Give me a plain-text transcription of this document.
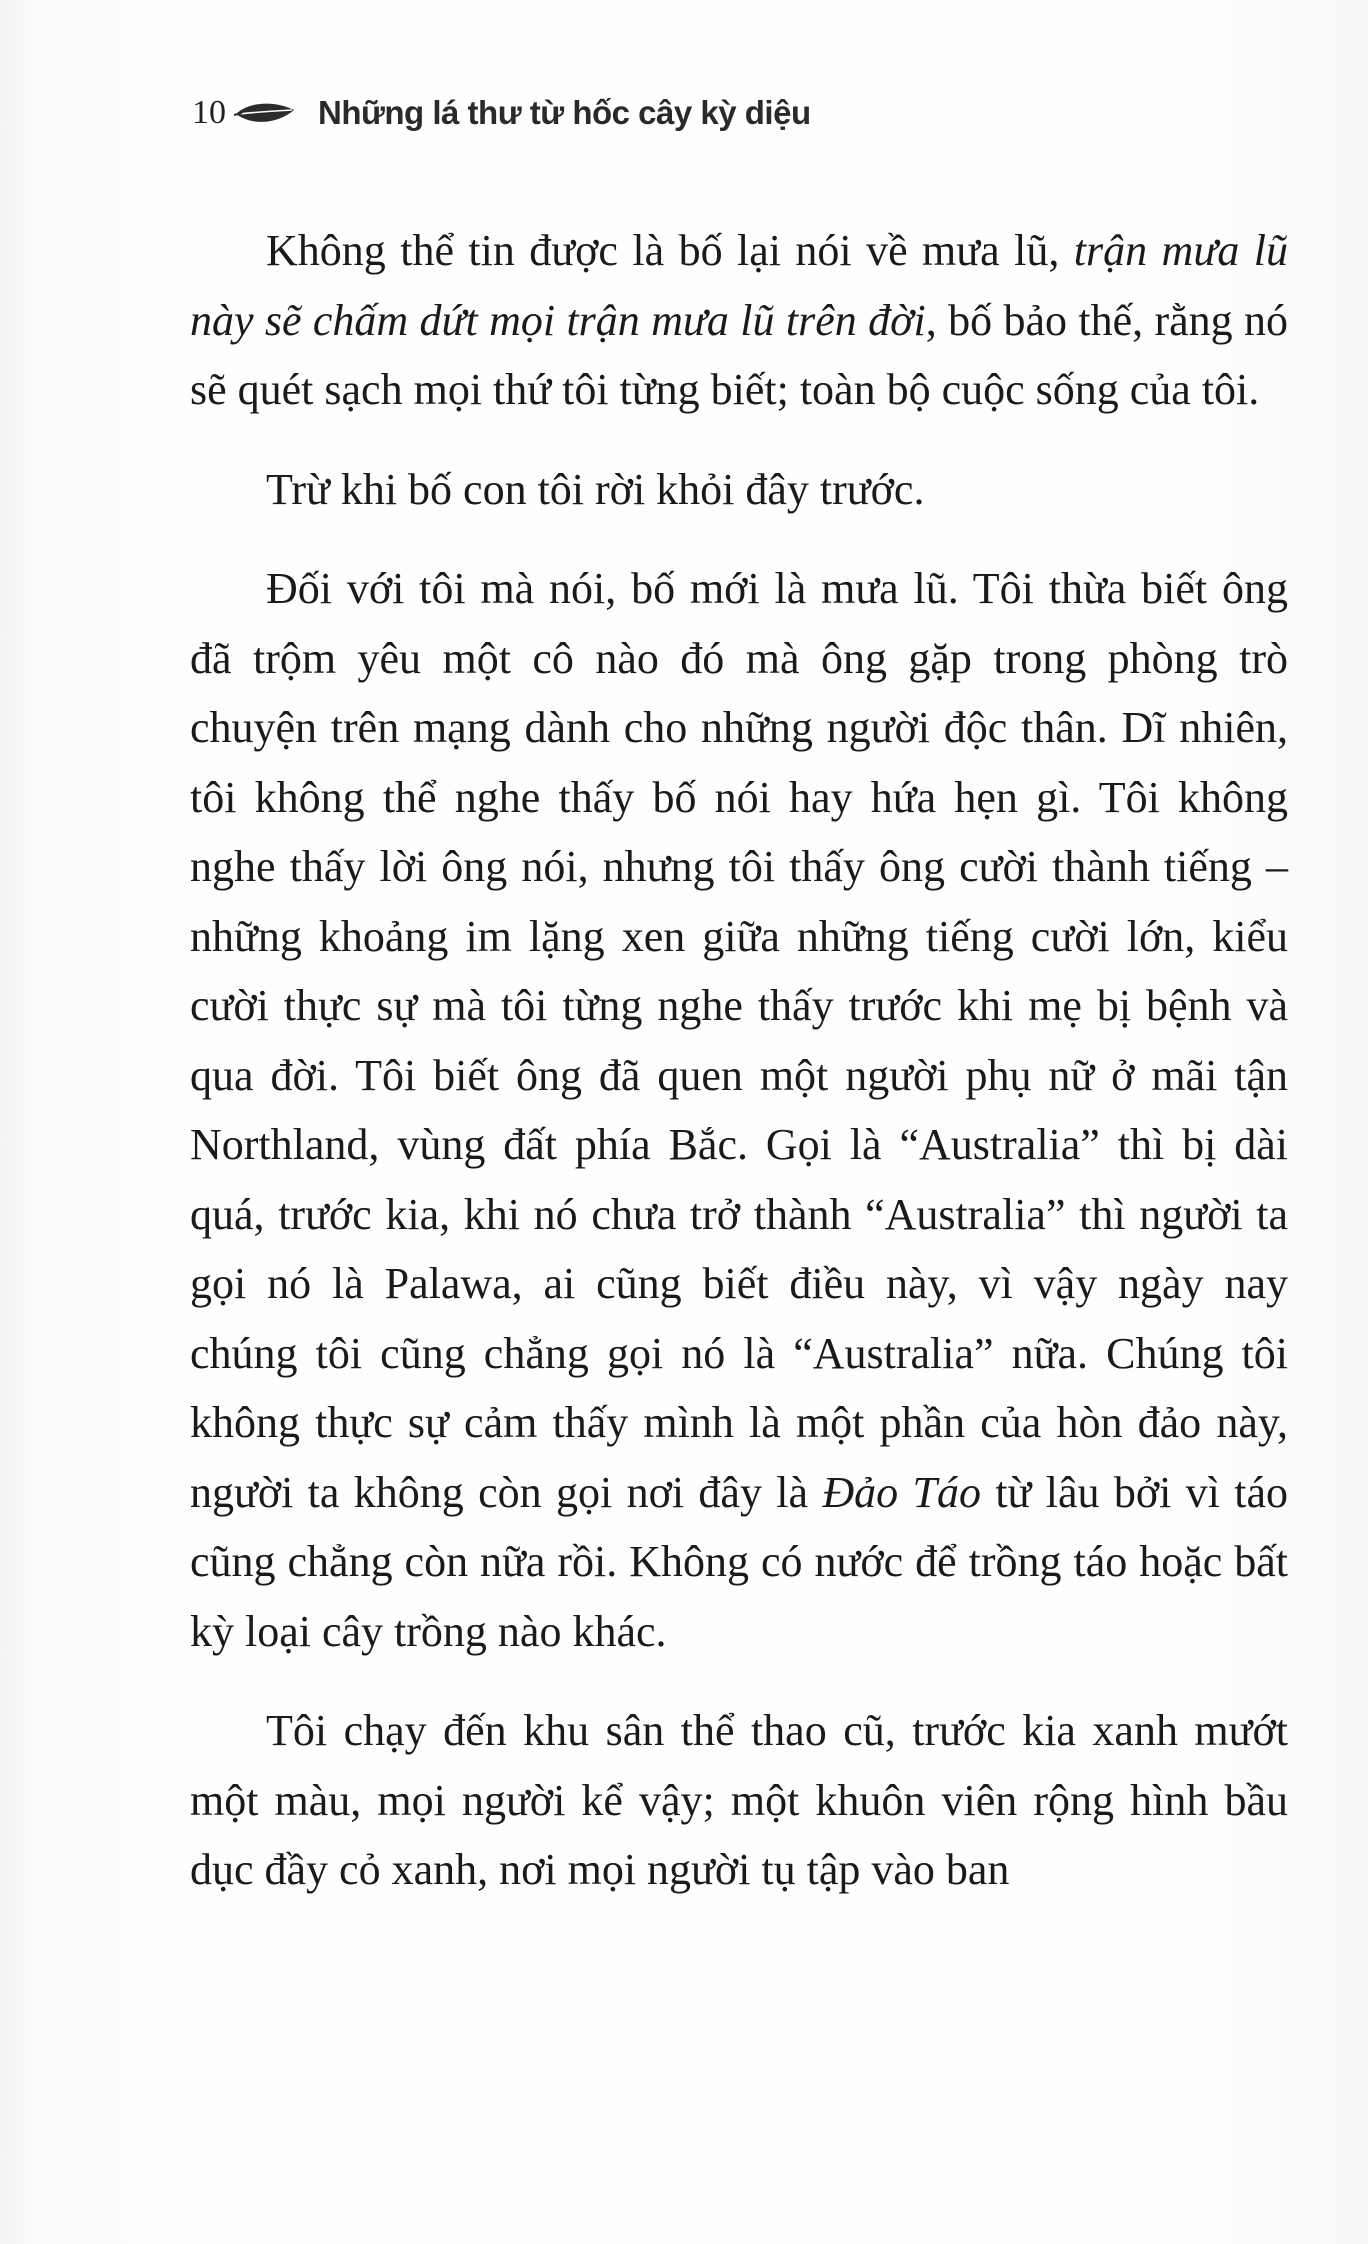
10	Những lá thư từ hốc cây kỳ diệu

Không thể tin được là bố lại nói về mưa lũ, trận mưa lũ này sẽ chấm dứt mọi trận mưa lũ trên đời, bố bảo thế, rằng nó sẽ quét sạch mọi thứ tôi từng biết; toàn bộ cuộc sống của tôi.

Trừ khi bố con tôi rời khỏi đây trước.

Đối với tôi mà nói, bố mới là mưa lũ. Tôi thừa biết ông đã trộm yêu một cô nào đó mà ông gặp trong phòng trò chuyện trên mạng dành cho những người độc thân. Dĩ nhiên, tôi không thể nghe thấy bố nói hay hứa hẹn gì. Tôi không nghe thấy lời ông nói, nhưng tôi thấy ông cười thành tiếng – những khoảng im lặng xen giữa những tiếng cười lớn, kiểu cười thực sự mà tôi từng nghe thấy trước khi mẹ bị bệnh và qua đời. Tôi biết ông đã quen một người phụ nữ ở mãi tận Northland, vùng đất phía Bắc. Gọi là “Australia” thì bị dài quá, trước kia, khi nó chưa trở thành “Australia” thì người ta gọi nó là Palawa, ai cũng biết điều này, vì vậy ngày nay chúng tôi cũng chẳng gọi nó là “Australia” nữa. Chúng tôi không thực sự cảm thấy mình là một phần của hòn đảo này, người ta không còn gọi nơi đây là Đảo Táo từ lâu bởi vì táo cũng chẳng còn nữa rồi. Không có nước để trồng táo hoặc bất kỳ loại cây trồng nào khác.

Tôi chạy đến khu sân thể thao cũ, trước kia xanh mướt một màu, mọi người kể vậy; một khuôn viên rộng hình bầu dục đầy cỏ xanh, nơi mọi người tụ tập vào ban
